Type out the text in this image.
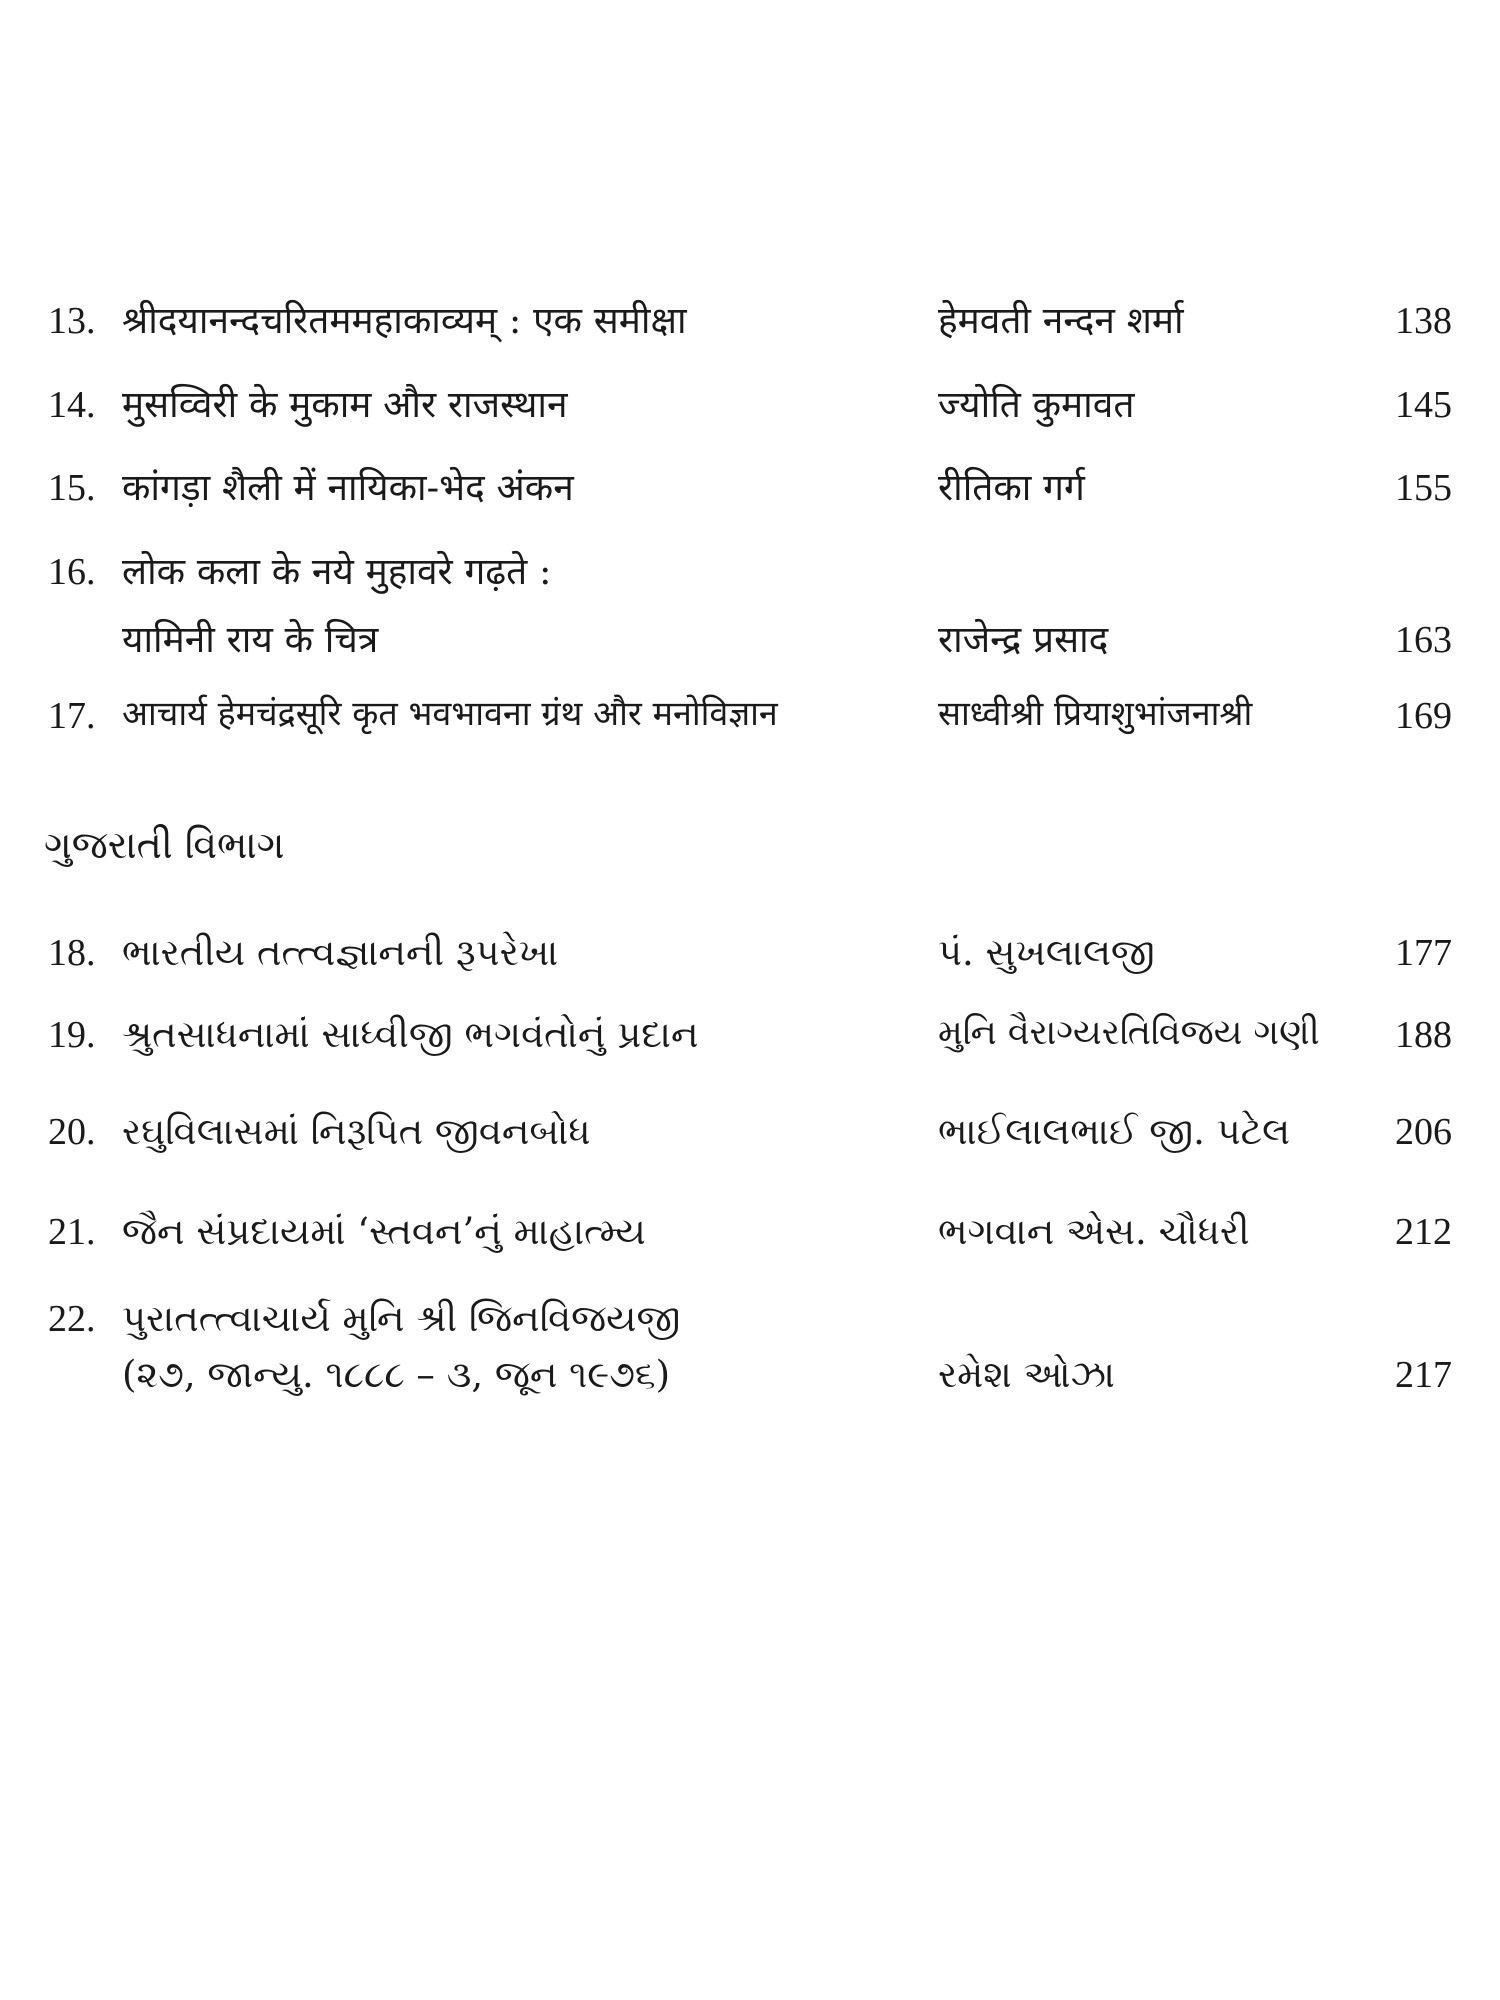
13. श्रीदयानन्दचरितममहाकाव्यम् : एक समीक्षा	हेमवती नन्दन शर्मा	138
14. मुसव्विरी के मुकाम और राजस्थान	ज्योति कुमावत	145
15. कांगड़ा शैली में नायिका-भेद अंकन	रीतिका गर्ग	155
16. लोक कला के नये मुहावरे गढ़ते :
यामिनी राय के चित्र	राजेन्द्र प्रसाद	163
17. आचार्य हेमचंद्रसूरि कृत भवभावना ग्रंथ और मनोविज्ञान	साध्वीश्री प्रियाशुभांजनाश्री	169
ગુજરાતી વિભાગ
18. ભારતીય તત્ત્વજ્ઞાનની રૂપરેખા	પં. સુખલાલજી	177
19. શ્રુતસાધનામાં સાધ્વીજી ભગવંતોનું પ્રદાન	મુનિ વૈરાગ્યરતિવિજય ગણી 188
20. રઘુવિલાસમાં નિરૂપિત જીવનબોધ	ભાઈલાલભાઈ જી. પટેલ	206
21. જૈન સંપ્રદાયમાં ‘સ્તવન’નું માહાત્મ્ય	ભગવાન એસ. ચૌધરી	212
22. પુરાતત્ત્વાચાર્ય મુનિ શ્રી જિનવિજયજી
(૨૭, જાન્યુ. ૧૮૮૮ – ૩, જૂન ૧૯૭૬)	રમેશ ઓઝા	217
